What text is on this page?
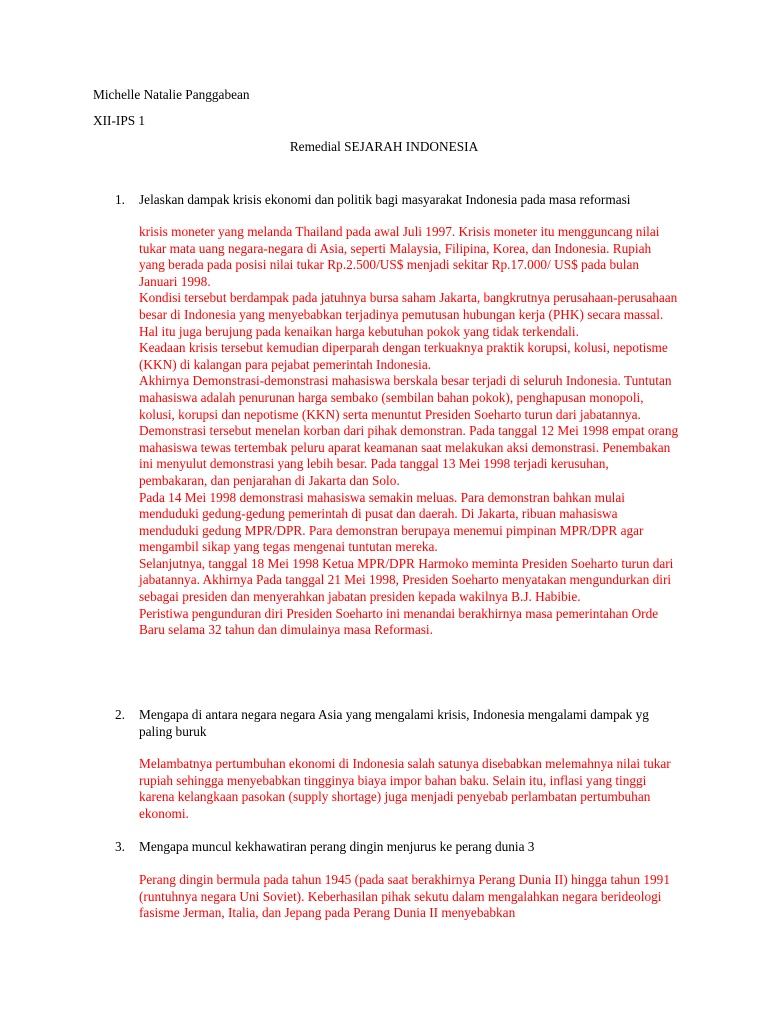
Michelle Natalie Panggabean
XII-IPS 1
Remedial SEJARAH INDONESIA
1. Jelaskan dampak krisis ekonomi dan politik bagi masyarakat Indonesia pada masa reformasi

krisis moneter yang melanda Thailand pada awal Juli 1997. Krisis moneter itu mengguncang nilai tukar mata uang negara-negara di Asia, seperti Malaysia, Filipina, Korea, dan Indonesia. Rupiah yang berada pada posisi nilai tukar Rp.2.500/US$ menjadi sekitar Rp.17.000/ US$ pada bulan Januari 1998.

Kondisi tersebut berdampak pada jatuhnya bursa saham Jakarta, bangkrutnya perusahaan-perusahaan besar di Indonesia yang menyebabkan terjadinya pemutusan hubungan kerja (PHK) secara massal. Hal itu juga berujung pada kenaikan harga kebutuhan pokok yang tidak terkendali.

Keadaan krisis tersebut kemudian diperparah dengan terkuaknya praktik korupsi, kolusi, nepotisme (KKN) di kalangan para pejabat pemerintah Indonesia.

Akhirnya Demonstrasi-demonstrasi mahasiswa berskala besar terjadi di seluruh Indonesia. Tuntutan mahasiswa adalah penurunan harga sembako (sembilan bahan pokok), penghapusan monopoli, kolusi, korupsi dan nepotisme (KKN) serta menuntut Presiden Soeharto turun dari jabatannya.

Demonstrasi tersebut menelan korban dari pihak demonstran. Pada tanggal 12 Mei 1998 empat orang mahasiswa tewas tertembak peluru aparat keamanan saat melakukan aksi demonstrasi. Penembakan ini menyulut demonstrasi yang lebih besar. Pada tanggal 13 Mei 1998 terjadi kerusuhan, pembakaran, dan penjarahan di Jakarta dan Solo.

Pada 14 Mei 1998 demonstrasi mahasiswa semakin meluas. Para demonstran bahkan mulai menduduki gedung-gedung pemerintah di pusat dan daerah. Di Jakarta, ribuan mahasiswa menduduki gedung MPR/DPR. Para demonstran berupaya menemui pimpinan MPR/DPR agar mengambil sikap yang tegas mengenai tuntutan mereka.

Selanjutnya, tanggal 18 Mei 1998 Ketua MPR/DPR Harmoko meminta Presiden Soeharto turun dari jabatannya. Akhirnya Pada tanggal 21 Mei 1998, Presiden Soeharto menyatakan mengundurkan diri sebagai presiden dan menyerahkan jabatan presiden kepada wakilnya B.J. Habibie.

Peristiwa pengunduran diri Presiden Soeharto ini menandai berakhirnya masa pemerintahan Orde Baru selama 32 tahun dan dimulainya masa Reformasi.

2. Mengapa di antara negara negara Asia yang mengalami krisis, Indonesia mengalami dampak yg paling buruk

Melambatnya pertumbuhan ekonomi di Indonesia salah satunya disebabkan melemahnya nilai tukar rupiah sehingga menyebabkan tingginya biaya impor bahan baku. Selain itu, inflasi yang tinggi karena kelangkaan pasokan (supply shortage) juga menjadi penyebab perlambatan pertumbuhan ekonomi.

3. Mengapa muncul kekhawatiran perang dingin menjurus ke perang dunia 3

Perang dingin bermula pada tahun 1945 (pada saat berakhirnya Perang Dunia II) hingga tahun 1991 (runtuhnya negara Uni Soviet). Keberhasilan pihak sekutu dalam mengalahkan negara berideologi fasisme Jerman, Italia, dan Jepang pada Perang Dunia II menyebabkan
